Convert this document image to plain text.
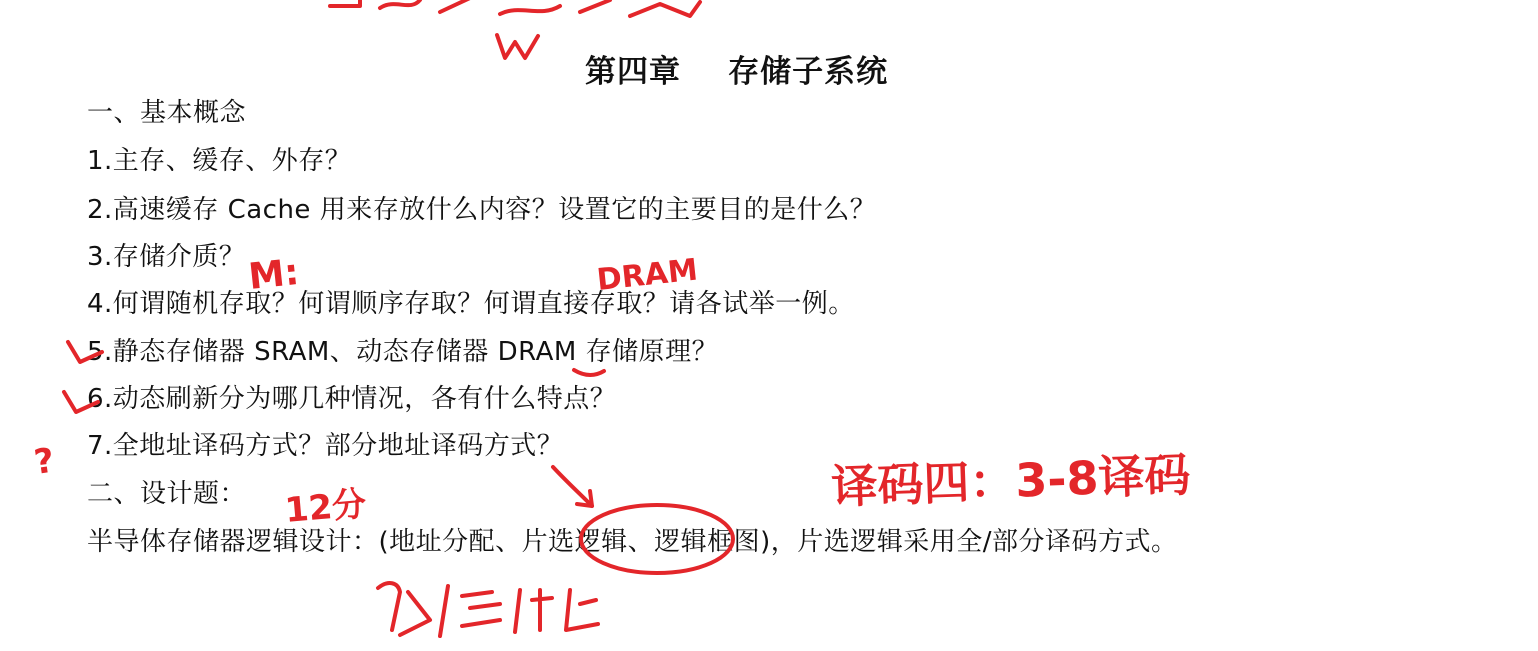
第四章    存储子系统
一、基本概念
1.主存、缓存、外存？
2.高速缓存 Cache 用来存放什么内容？设置它的主要目的是什么？
3.存储介质？
4.何谓随机存取？何谓顺序存取？何谓直接存取？请各试举一例。
5.静态存储器 SRAM、动态存储器 DRAM 存储原理？
6.动态刷新分为哪几种情况，各有什么特点？
7.全地址译码方式？部分地址译码方式？
二、设计题：
半导体存储器逻辑设计：(地址分配、片选逻辑、逻辑框图)，片选逻辑采用全/部分译码方式。
M:	DRAM
?
12分	译码四：3-8译码
